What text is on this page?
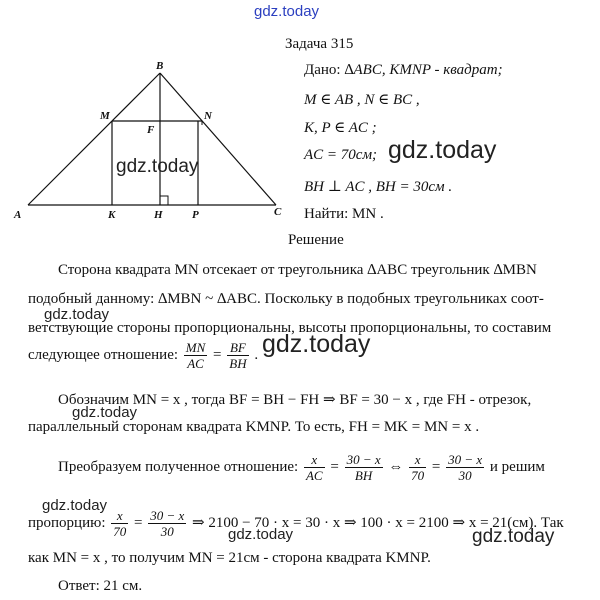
gdz.today
B
M	N
F
A	K	H	P	C
gdz.today
Задача 315
Дано: ∆ABC, KMNP - квадрат;
M ∈ AB , N ∈ BC ,
K, P ∈ AC ;
AC = 70см; gdz.today
BH ⊥ AC , BH = 30см .
Найти: MN .
Решение
Сторона квадрата MN отсекает от треугольника ∆ABC треугольник ∆MBN
подобный данному: ∆MBN ~ ∆ABC. Поскольку в подобных треугольниках соот-
gdz.today
ветствующие стороны пропорциональны, высоты пропорциональны, то составим
следующее отношение: $\frac{MN}{AC} = \frac{BF}{BH}$ . gdz.today
Обозначим MN = x , тогда BF = BH − FH ⇒ BF = 30 − x , где FH - отрезок,
gdz.today
параллельный сторонам квадрата KMNP. То есть, FH = MK = MN = x .
Преобразуем полученное отношение: $\frac{x}{AC} = \frac{30 - x}{BH}$ ⇔ $\frac{x}{70} = \frac{30 - x}{30}$ и решим
gdz.today
пропорцию: $\frac{x}{70} = \frac{30 - x}{30}$ ⇒ 2100 − 70 · x = 30 · x ⇒ 100 · x = 2100 ⇒ x = 21(см). Так
gdz.today	gdz.today
как MN = x , то получим MN = 21см - сторона квадрата KMNP.
Ответ: 21 см.
